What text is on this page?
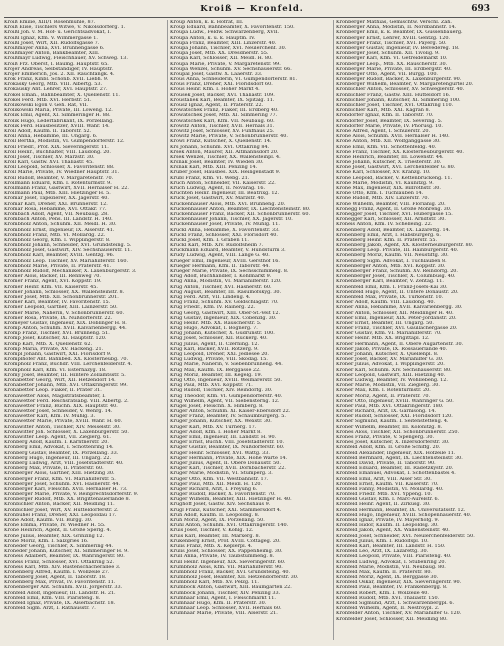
Kroiß — Kronfeld.	693
Kroiß Emilie, XIII/1 Rosenmühle, 87.
Kroiß Elise, Tischlers Witwe, V. Nikolsdorferg. 1.
Kroißl Joh. v. M. Hof- u. Gerichtsadvokat, I.
Kroißl Ignaz, Kfm. V. Wimmergasse 1.
Kroißl Josef, Wirt, XII. Rudolfsgasse 7.
Kroißmayer Anna, XVI. Brunnengasse 6.
Kroißmayer Anton, Bankbeamter, XIII.
Kroißmayr Ludwig, Fleischhauer, XV. Schweg. 13.
Kroiß Frz. Oberst, I. Baumg. Hauptstr. 65.
Krojer Andreas, Selbständiger, IV. Hauptstr.
Krojer Emmerich, Jos. 2. XII. Rauchfangk. 4.
Krok Franz, Kinbl. Schönb. XVII. Liebh. 9.
Krokasky Georg, Mtb. VIII. Albertg. 53.
Krokausky Ant. Lehrer, XVI. Hauptstr. 27.
Krokel Eman., Bahnbeamter, X. Quellenstr. 11.
Krokel Ferd. Mtb. XVI. Herbstr. 51.
Krolikowski Egon v. Geh. Rat, VII.
Krolikowski Maria, Private, III. Löweng. 12.
Krolik Emil, Agent, XI. Simmeringer H. 88.
Krolik Hugo, Lederfabrikant, IX. Porzellang.
Krolik Ferd. Hausbesitzer, XVIII. Währ. 14.
Kroll Adolf, Kaufm. II. Taborstr. 52.
Kroll Anna, Hebamme, III. Ungarg. 6.
Kroll Bertha, Modistin, VI. Gumpendorferstr. 12.
Kroll Friedr., Prof. XIX. Sieveringerstr. 11.
Kroll Heinr., Buchhalter, VIII. Laudong. 20.
Kroll Josef, Tischler, XV. Märzstr. 30.
Kroll Karl, Gastw. XVI. Thaliastr. 45.
Kroll Leopold, Schlosser, X. Favoritenstr. 88.
Kroll Marie, Private, IV. Wiedner Hauptstr. 31.
Kroll Rudolf, Beamter, V. Margaretenstr. 70.
Krollmann Eduard, Kfm. I. Rotenturmstr. 9.
Krollmann Franz, Gastwirt, XVII. Hernalser H. 22.
Krollmann Paul, Mtb. XIII. Hietzinger H. 5.
Kromar Josef, Tapezierer, XX. Jägerstr. 40.
Kromar Karl, Dreher, XXI. Brünnerstr. 12.
Kromar Rosa, Hebamme, XVI. Ottakr. 77.
Krombach Adolf, Agent, VII. Neubaug. 28.
Krombach Anton, Pens. III. Landstr. H. 140.
Krombholz Anton, Schuhm. XII. Meidl. H. 30.
Krombholz Ernst, Ingenieur, IX. Alserstr. 41.
Krombholz Franz, Mtb. VI. Mollardg. 22.
Krombholz Georg, Kfm. I. Wipplingerstr. 8.
Krombholz Johann, Schneider, XVI. Grundsteing. 5.
Krombholz Josef, Gastwirt, XIV. Sechshauserstr. 11.
Krombholz Karl, Beamter, XVIII. Gentzg. 96.
Krombholz Leop. Tischler, XV. Mariahilferstr. 160.
Krombholz Marie, Private, II. Praterstr. 41.
Krombholz Rudolf, Mechaniker, X. Laxenburgerstr. 3.
Kromer Alois, Bäcker, III. Rennweg 70.
Kromer Franz, Agent, XVI. Koppstr. 19.
Kromer Heinr. Kfm. VII. Kaiserstr. 45.
Kromer Johann, Schlosser, XX. Wallensteinstr. 8.
Kromer Josef, Mtb. XII. Schönbrunnerstr. 201.
Kromer Karl, Beamter, IV. Favoritenstr. 15.
Kromer Leopold, Gärtner, XIII. Lainzerstr. 50.
Kromer Marie, Näherin, V. Schönbrunnerstr. 60.
Kromer Rosa, Private, IX. Nußdorferstr. 22.
Kromeyer Gustav, Ingenieur, XIX. Döblinger H. 8.
Kromp Anton, Schuhm. XVII. Kalvarienbergg. 44.
Kromp Franz, Tischler, XVI. Brunneng. 51.
Kromp Josef, Kutscher, XI. Hauptstr. 120.
Kromp Karl, Mtb. X. Quellenstr. 62.
Kromp Maria, Private, XV. Hackeng. 21.
Krompl Johann, Gastwirt, XXI. Florisdorf 9.
Kromplhofer Ant. Bahnbed. XX. Klosterneubg. 70.
Krompholz Franz, Buchdr. VIII. Lerchenfelderstr. 4.
Krompholz Karl, Kfm. VI. Esterhazyg. 18.
Kromy Josef, Beamter, III. Hintere Zollamtsstr. 5.
Kronabetter Georg, Wirt, XII. Hetzendorf 14.
Kronabetter Johann, Mtb. XVI. Ottakringerstr. 99.
Kronabetter Leop. Fiaker, II. Prater 31.
Kronawetter Alois, Magistratsbeamter, I.
Kronawetter Ferd. Reichsratsabg. VIII. Albertg. 2.
Kronawetter Franz, Buchh. XIX. Hauptstr. 40.
Kronawetter Josef, Schneider, V. Wehrg. 14.
Kronawetter Karl, Kfm. IV. Mühlg. 3.
Kronawetter Marie, Private, XVIII. Währ. H. 60.
Kronawitter Anton, Tischler, XIV. Meiselstr. 30.
Kronawitter Joh. Schlosser, X. Laxenburgerstr. 50.
Kronawitter Leop. Agent, VII. Zieglerg. 61.
Kronberg Adolf, Kaufm. I. Kärntnerstr. 20.
Kronberg Emil, Advokat, I. Schottenring 14.
Kronberg Gustav, Beamter, IX. Porzellang. 33.
Kronberg Hugo, Ingenieur, III. Ungarg. 22.
Kronberg Ludwig, Arzt, VIII. Josefstädterstr. 40.
Kronberg Max, Private, II. Praterstr. 60.
Kronberger Alois, Gärtner, XIII. Hietzing 30.
Kronberger Franz, Kfm. VI. Mariahilferstr. 5.
Kronberger Josef, Schuhm. XVI. Hasnerstr. 44.
Kronberger Karl, Fleischh. XVII. Hernalser H. 73.
Kronberger Marie, Private, V. Reinprechtsdorferstr. 9.
Kronberger Rudolf, Mtb. XX. Brigittenauerlände 8.
Kronbichler Anton, Bäcker, XII. Meidling 11.
Kronbichler Josef, Wirt, XV. Hütteldorferstr. 2.
Kronbühel Franz, Dreher, XXI. Leopoldau 17.
Krone Adolf, Kaufm. VII. Burgg. 30.
Krone Emma, Private, IV. Wiedner H. 55.
Krone Heinrich, Agent, II. Große Sperlg. 4.
Krone Julius, Beamter, XIX. Grinzing 12.
Krone Moriz, Kfm. I. Salzgries 16.
Kroneder Georg, Tischler, X. Simmering 44.
Kroneder Johann, Kutscher, XI. Simmeringer H. 9.
Kroneis Adalbert, Beamter, IX. Währingerstr. 80.
Kroneis Franz, Schlosser, XVI. Ottakring 52.
Kroneis Karl, Mtb. XIV. Rustenschacherallee 3.
Kronenberg Alfred, Kaufm. I. Wollzeile 27.
Kronenberg Josef, Agent, II. Taborstr. 18.
Kronenberg Max, Privat, IV. Favoritenstr. 11.
Kronenberger Ant. Schuhm. XVII. Jörgerstr. 33.
Kronfeld Adolf, Ingenieur, III. Landstr. H. 21.
Kronfeld Emil, Kfm. VIII. Piaristeng. 8.
Kronfeld Ignaz, Private, IX. Alserbachstr. 18.
Kronfeld Sigm. Arzt, I. Rathausstr. 7.
Kroup Anton, k. k. Hofrat, III.
Kroup Eduard, Bahnbeamter, X. Favoritenstr. 150.
Kroupa Ludw., Feldw. Schwarzenberg, XVII.
Kroupa Anton, k. u. k. Hauptm. IV.
Kroupa Franz, Beamter, XIII. Linzerstr. 40.
Kroupa Johann, Tischler, XVI. Neulerchenf. 30.
Kroupa Josef, Mtb. XX. Dresdnerstr. 55.
Kroupa Karl, Schlosser, XII. Meidl. H. 80.
Kroupa Marie, Private, V. Margaretenstr. 99.
Kroupa Wenzel, Schuhm. XV. Sechshauserstr. 66.
Kroupal Josef, Gastw. X. Laaerstr. 33.
Krous Anna, Schneiderin, VI. Gumpendorferstr. 81.
Krous Franz, Dreher, XXI. Floridsdorf 60.
Krous Heinr. Kfm. I. Hoher Markt 4.
Krousek Josef, Bäcker, XVI. Thaliastr. 109.
Kroustaliek Karl, Beamter, IX. Spitalg. 11.
Krousz Ignaz, Agent, II. Praterstr. 22.
Krowatschek Franz, Fiaker, III. Erdberg 40.
Krowatschek Josef, Mtb. XI. Simmering 77.
Krowatschek Karl, Kfm. VII. Neubaug. 60.
Krowitz Anton, Tischler, XVII. Hernals 31.
Krowitz Josef, Schlosser, XV. Fünfhaus 25.
Krowitz Marie, Private, V. Schönbrunnerstr. 40.
Krowl Franz, Kutscher, X. Quellenstr. 14.
Krs Johann, Schuhm. XVI. Ottakring 84.
Krsek Anton, Maurer, XII. Altmannsdorf 20.
Krsek Wenzel, Tischler, XX. Wallensteinpl. 4.
Kršnak Josef, Beamter, IV. Wieden 30.
Kršnak Karl, Mtb. XIII. Penzing 14.
Kruber Josef, Hausbes. XIX. Heiligenstadt 9.
Krubl Franz, Kfm. VI. Webg. 21.
Kruch Anton, Schneider, VII. Kaiserstr. 22.
Kruch Ludwig, Agent, II. Novarag. 16.
Kruchten Heinr. Ingenieur, III. Beatrixg. 12.
Kruck Josef, Gastwirt, XV. Märzstr. 40.
Kruckenhauser Alois, Mtb. XVI. Brunneng. 20.
Kruckenhauser Anton, Beamter, IX. Liechtensteinstr. 80.
Kruckenhauser Franz, Bäcker, XII. Schönbrunnerstr. 60.
Kruckenhauser Johann, Tischler, XX. Jägerstr. 10.
Kruckenhauser Josef, Private, IV. Mühlg. 11.
Krückl Anna, Hebamme, X. Favoritenstr. 33.
Krückl Franz, Schlosser, XXI. Florisdorf 40.
Krückl Josef, Kfm. I. Graben 11.
Krückl Karl, Mtb. XIV. Rudolfsheim 7.
Kruckmann Eduard, Beamter, V. Hundsturm 3.
Krudy Ludwig, Agent, VIII. Lange G. 40.
Krueger Emil, Ingenieur, XVIII. Gersthof 16.
Krueger Hermann, Kfm. II. Taborstr. 44.
Krueger Marie, Private, IX. Sechsschimmelg. 8.
Krug Adolf, Buchhändler, I. Kohlmarkt 9.
Krug Anna, Modistin, VI. Mariahilferstr. 120.
Krug Anton, Tischler, XVI. Hasnerstr. 60.
Krug August, Beamter, III. Rasumofskyg. 30.
Krug Ferd. Arzt, VII. Lindeng. 4.
Krug Franz, Schuhm. XV. Goldschlagstr. 70.
Krug Friedr., Kfm. IV. Rainerg. 22.
Krug Georg, Gastwirt, XIII. Ober-St.-Veit 12.
Krug Gustav, Ingenieur, XIX. Cobenzlg. 30.
Krug Heinr. Mtb. XX. Rauscherstr. 5.
Krug Hugo, Advokat, I. Bognerg. 7.
Krug Johann, Kutscher, X. Gudrunstr. 100.
Krug Josef, Schlosser, XII. Ruckerg. 40.
Krug Julius, Agent, II. Czerning. 12.
Krug Karl, Bäcker, XVII. Rötzerg. 9.
Krug Leopold, Dreher, XXI. Jedlesee 20.
Krug Ludwig, Private, VIII. Skodag. 15.
Krug Marie, Näherin, V. Siebenbrunneng. 44.
Krug Max, Kaufm. IX. Berggasse 22.
Krug Moriz, Beamter, III. Kegelg. 19.
Krug Otto, Ingenieur, XVIII. Weimarerstr. 50.
Krug Paul, Mtb. XVI. Koppstr. 71.
Krug Rudolf, Tischler, XIV. Reindorfg. 30.
Krug Theodor, Kfm. VI. Gumpendorferstr. 40.
Krug Wilhelm, Agent, VII. Siebensterng. 12.
Krugel Josef, Fleischh. X. Himberg. 8.
Kruger Anton, Schuhm. XI. Kaiser-Ebersdorf 22.
Kruger Franz, Beamter, IV. Schaumburgerg. 5.
Kruger Johann, Kutscher, XX. Wexstr. 30.
Kruger Karl, Mtb. XV. Turnerg. 17.
Krüger Adolf, Kfm. I. Hoher Markt 8.
Krüger Emil, Ingenieur, III. Landstr. H. 90.
Krüger Ernst, Buchh. VIII. Josefstädterstr. 10.
Krüger Gustav, Beamter, IX. Nußdorferstr. 60.
Krüger Heinr. Schlosser, XVI. Wattg. 33.
Krüger Hermann, Private, XIX. Hohe Warte 14.
Krüger Julius, Agent, II. Obere Donaustr. 50.
Krüger Karl, Tischler, XVII. Dornbacherstr. 22.
Krüger Marie, Modistin, VI. Stumperg. 3.
Krüger Otto, Kfm. VII. Westbahnstr. 17.
Krüger Paul, Mtb. XII. Meidl. H. 120.
Krüger Richard, Arzt, I. Freyung 6.
Krüger Rudolf, Bäcker, X. Favoritenstr. 70.
Krüger Wilhelm, Beamter, XIII. Hietzinger H. 40.
Krughoff Josef, Gastw. XIV. Sechshaus 9.
Krugl Franz, Kutscher, XXI. Stammersdorf 4.
Kruh Adolf, Kaufm. II. Leopoldsg. 8.
Kruh Moriz, Agent, IX. Porzellang. 50.
Kruhl Anton, Schuhm. XVI. Ottakringerstr. 140.
Kruis Josef, Tischler, V. Kohlg. 12.
Kruis Karl, Beamter, III. Marxerg. 8.
Krukenberg Ernst, Prof. XVIII. Cottageg. 20.
Kruliš Franz, Mtb. X. Keplerpl. 4.
Kruliš Josef, Schlosser, XX. Pappenheimg. 30.
Krull Anna, Private, IV. Taubstummeng. 8.
Krull Heinr. Ingenieur, XIX. Sieveringerstr. 60.
Krumbholz Alois, Kfm. VII. Mariahilferstr. 90.
Krumbholz Franz, Bäcker, XVI. Grundsteing. 40.
Krumbholz Josef, Beamter, XII. Hetzendorferstr. 30.
Krumbholz Karl, Mtb. XV. Pelzg. 11.
Krumböck Anton, Gastwirt, XIII. Baumgarten 22.
Krumböck Johann, Tischler, XIV. Penzing 33.
Krumhaar Emil, Agent, I. Fleischmarkt 11.
Krumhaar Hugo, Kfm. II. Praterstr. 30.
Krumhaar Leop. Schlosser, XVII. Hernals 60.
Krumhaar Marie, Private, VIII. Alserstr. 21.
Kronberger Mathias, Gemischtw. Verschl. Zah.
Kronberger Anna, Modistin, II. Nordbahnstr. 14.
Kronberger Emil, k. k. Beamter, IX. Gussenbauerg.
Kronberger Ernst, Lehrer, XVIII. Gentzg. 120.
Kronberger Franz, Tischler, XVI. Payerg. 50.
Kronberger Gustav, Ingenieur, IV. Belvedereg. 18.
Kronberger Josef, Schuhm. XII. Tivolig. 9.
Kronberger Karl, Kfm. VI. Getreidemarkt 10.
Kronberger Leop., Mtb. XX. Rauscherstr. 30.
Kronberger Marie, Private, III. Erdbergstr. 40.
Kronberger Otto, Agent, VII. Burgg. 100.
Kronberger Rudolf, Bäcker, X. Laxenburgerstr. 90.
Kronberger Wilhelm, Beamter, V. Margaretengürtel 20.
Kronbichler Anton, Schlosser, XV. Schweglerstr. 40.
Kronbichler Franz, Gastw. XIII. Hütteldorf 16.
Kronbichler Johann, Kutscher, XI. Simmering 100.
Kronbichler Josef, Tischler, XVI. Ottakring 110.
Kronbichler Karl, Mtb. XXI. Kagran 8.
Krondorfer Ignaz, Kfm. II. Taborstr. 70.
Krondorfer Josef, Beamter, IX. Severing. 5.
Krondorfer Marie, Private, IV. Phorusg. 10.
Krone Alfred, Agent, I. Schulerstr. 20.
Krone Alois, Schuhm. XVII. Hernalser H. 140.
Krone Anton, Mtb. XII. Wolfganggasse 30.
Krone Emil, Kfm. VII. Schottenfeldg. 40.
Krone Franz, Tischler, XX. Klosterneuburgerstr. 40.
Krone Heinrich, Beamter, III. Löwenstr. 44.
Krone Johann, Kutscher, X. Triesterstr. 30.
Krone Josef, Gastwirt, XVI. Lerchenfelder G. 80.
Krone Karl, Schlosser, XV. Kranzg. 10.
Krone Leopold, Bäcker, V. Kettenbrückeng. 11.
Krone Marie, Modistin, VI. Kaunitzg. 9.
Krone Max, Ingenieur, XIX. Billrothstr. 30.
Krone Otto, Kfm. I. Tuchlauben 14.
Krone Rudolf, Mtb. XIV. Linzerstr. 70.
Krone Wilhelm, Beamter, VIII. Florianig. 20.
Kronegg Franz, Agent, II. Große Mohreng. 30.
Kronegger Josef, Tischler, XVI. Hubergasse 15.
Kronegger Karl, Schlosser, XII. Arndtstr. 30.
Kroneis Anton, Kfm. IV. Schelleing. 22.
Kronenberg Adolf, Beamter, IX. Lazarettg. 14.
Kronenberg Emil, Arzt, I. Habsburgerg. 6.
Kronenberg Heinr. Kfm. II. Praterstr. 55.
Kronenberg Jakob, Agent, XX. Klosterneuburgerstr. 80.
Kronenberg Leop. Private, III. Hainburgerstr. 40.
Kronenberg Moriz, Kaufm. VII. Neustiftg. 30.
Kronenberg Sigm. Advokat, I. Tuchlauben 8.
Kronenberger Anton, Mtb. XVI. Koppstr. 30.
Kronenberger Franz, Schuhm. XV. Reindorfg. 20.
Kronenberger Josef, Tischler, X. Columbusg. 40.
Kronenberger Karl, Beamter, V. Zentag. 11.
Kronenfeld Emil, Kfm. I. Franz-Josefs-Kai 30.
Kronenfeld Hugo, Agent, II. Untere Donaustr. 20.
Kronenfeld Max, Private, IX. Türkenstr. 10.
Kroner Adolf, Kaufm. VIII. Laudong. 40.
Kroner Anna, Hebamme, XVII. Kalvarienbergg. 30.
Kroner Anton, Schlosser, XII. Meidlinger H. 40.
Kroner Emil, Ingenieur, XIX. Peter-Jordanstr. 20.
Kroner Ernst, Beamter, III. Ungarg. 50.
Kroner Franz, Tischler, XVI. Gaullachergasse 20.
Kroner Gustav, Kfm. VI. Mariahilferstr. 70.
Kroner Heinr. Mtb. XX. Brigittapl. 12.
Kroner Hermann, Agent, II. Obere Augartenstr. 30.
Kroner Jakob, Private, IX. Rossauerlände 40.
Kroner Johann, Kutscher, X. Quellenpl. 8.
Kroner Josef, Bäcker, XV. Mariahilfer G. 30.
Kroner Julius, Advokat, I. Wipplingerstr. 20.
Kroner Karl, Schuhm. XIV. Sechshauserstr. 80.
Kroner Leopold, Gastwirt, XIII. Hietzing 40.
Kroner Ludwig, Beamter, IV. Wohllebeng. 12.
Kroner Marie, Modistin, VII. Zieglerg. 30.
Kroner Max, Kfm. I. Rotenturmstr. 20.
Kroner Moriz, Agent, II. Praterstr. 70.
Kroner Otto, Ingenieur, XVIII. Währinger G. 50.
Kroner Paul, Mtb. XVI. Ottakringerstr. 180.
Kroner Richard, Arzt, IX. Garnisong. 14.
Kroner Rudolf, Schlosser, XXI. Floridsdorf 120.
Kroner Sigmund, Kaufm. I. Seitenstetteng. 4.
Kroner Wilhelm, Beamter, III. Kolonitzg. 8.
Krones Alois, Tischler, XII. Schönbrunnerstr. 250.
Krones Franz, Private, V. Spengerg. 30.
Krones Josef, Kutscher, X. Inzersdorferstr. 30.
Kronfeld Adolf, Kfm. II. Große Schiffg. 20.
Kronfeld Alexander, Ingenieur, XIX. Hofzeile 11.
Kronfeld Bernhard, Agent, IX. Liechtensteinstr. 30.
Kronfeld David, Private, II. Taborstr. 90.
Kronfeld Eduard, Beamter, III. Radetzkystr. 20.
Kronfeld Emanuel, Advokat, I. Schottenbastei 4.
Kronfeld Emil, Arzt, VIII. Alser Str. 30.
Kronfeld Ernst, Kaufm. VII. Kaiserstr. 70.
Kronfeld Fanny, Modistin, VI. Mollardg. 40.
Kronfeld Friedr. Mtb. XVI. Yppeng. 10.
Kronfeld Gustav, Kfm. I. Marc-Aurelstr. 6.
Kronfeld Heinr. Agent, II. Zirkusg. 30.
Kronfeld Hermann, Beamter, IX. Universitätsstr. 12.
Kronfeld Hugo, Ingenieur, XVIII. Schopenhauerstr. 40.
Kronfeld Ignaz, Private, IV. Mayerhofg. 9.
Kronfeld Isidor, Kaufm. II. Leopoldsg. 30.
Kronfeld Jakob, Agent, XX. Wallensteinstr. 40.
Kronfeld Josef, Schneider, XVI. Neulerchenfelderstr. 50.
Kronfeld Julius, Kfm. I. Rudolfspl. 10.
Kronfeld Karl, Beamter, III. Landstr. H. 150.
Kronfeld Leo, Arzt, IX. Lazarettg. 30.
Kronfeld Leopold, Private, VIII. Piaristeng. 40.
Kronfeld Ludwig, Advokat, I. Stubenring 20.
Kronfeld Marie, Modistin, VII. Neubaug. 80.
Kronfeld Max, Kaufm. II. Praterstr. 80.
Kronfeld Moriz, Agent, IX. Berggasse 30.
Kronfeld Oskar, Ingenieur, XIX. Sieveringerstr. 90.
Kronfeld Paul, Beamter, IV. Frankenbergg. 8.
Kronfeld Robert, Kfm. I. Wollzeile 40.
Kronfeld Rudolf, Mtb. XVI. Thaliastr. 150.
Kronfeld Sigmund, Arzt, I. Schwarzenbergpl. 6.
Kronfeld Wilhelm, Agent, II. Nestroypl. 2.
Kronfelder Anton, Tischler, XV. Mariahilfer G. 120.
Kronfelder Josef, Schlosser, XII. Meidling 80.
